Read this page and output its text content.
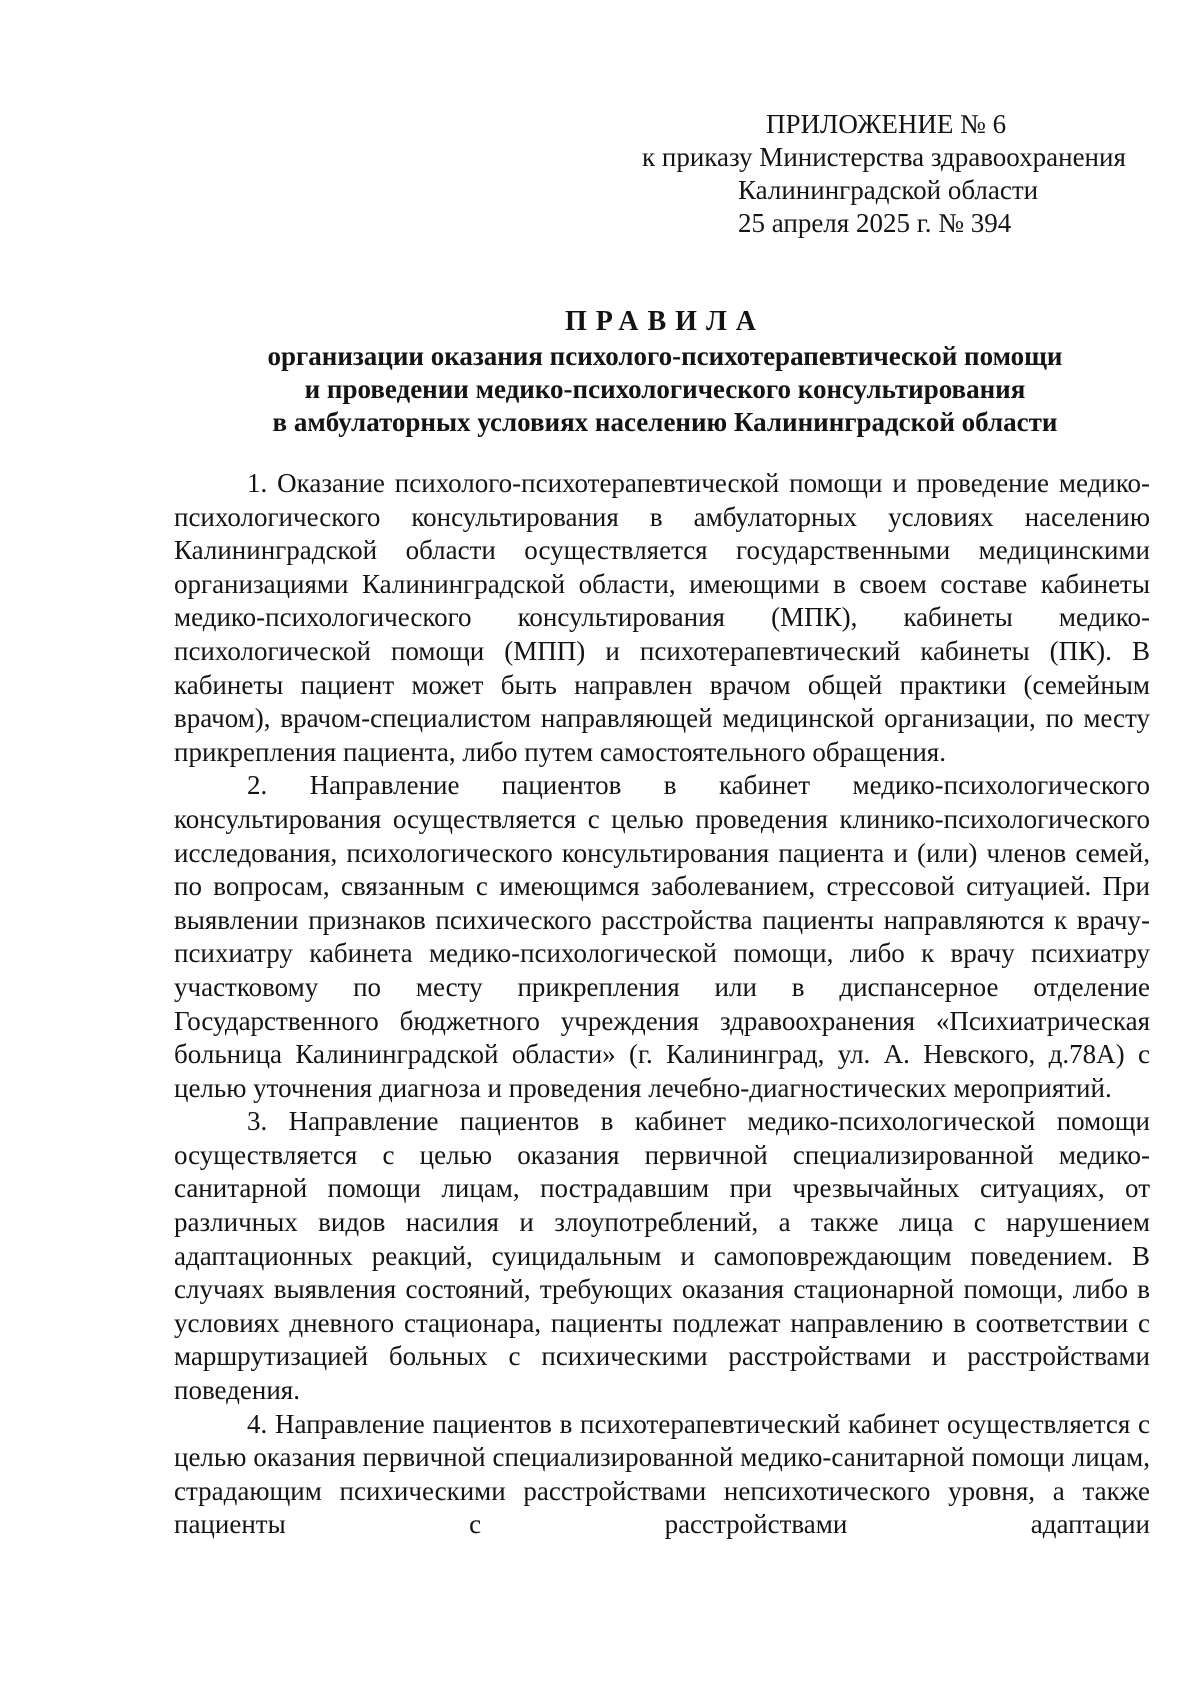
ПРИЛОЖЕНИЕ № 6
к приказу Министерства здравоохранения
Калининградской области
25 апреля 2025 г. № 394
ПРАВИЛА
организации оказания психолого-психотерапевтической помощи
и проведении медико-психологического консультирования
в амбулаторных условиях населению Калининградской области

1. Оказание психолого-психотерапевтической помощи и проведение медико-психологического консультирования в амбулаторных условиях населению Калининградской области осуществляется государственными медицинскими организациями Калининградской области, имеющими в своем составе кабинеты медико-психологического консультирования (МПК), кабинеты медико-психологической помощи (МПП) и психотерапевтический кабинеты (ПК). В кабинеты пациент может быть направлен врачом общей практики (семейным врачом), врачом-специалистом направляющей медицинской организации, по месту прикрепления пациента, либо путем самостоятельного обращения.

2. Направление пациентов в кабинет медико-психологического консультирования осуществляется с целью проведения клинико-психологического исследования, психологического консультирования пациента и (или) членов семей, по вопросам, связанным с имеющимся заболеванием, стрессовой ситуацией. При выявлении признаков психического расстройства пациенты направляются к врачу-психиатру кабинета медико-психологической помощи, либо к врачу психиатру участковому по месту прикрепления или в диспансерное отделение Государственного бюджетного учреждения здравоохранения «Психиатрическая больница Калининградской области» (г. Калининград, ул. А. Невского, д.78А) с целью уточнения диагноза и проведения лечебно-диагностических мероприятий.

3. Направление пациентов в кабинет медико-психологической помощи осуществляется с целью оказания первичной специализированной медико-санитарной помощи лицам, пострадавшим при чрезвычайных ситуациях, от различных видов насилия и злоупотреблений, а также лица с нарушением адаптационных реакций, суицидальным и самоповреждающим поведением. В случаях выявления состояний, требующих оказания стационарной помощи, либо в условиях дневного стационара, пациенты подлежат направлению в соответствии с маршрутизацией больных с психическими расстройствами и расстройствами поведения.

4. Направление пациентов в психотерапевтический кабинет осуществляется с целью оказания первичной специализированной медико-санитарной помощи лицам, страдающим психическими расстройствами непсихотического уровня, а также пациенты с расстройствами адаптации
